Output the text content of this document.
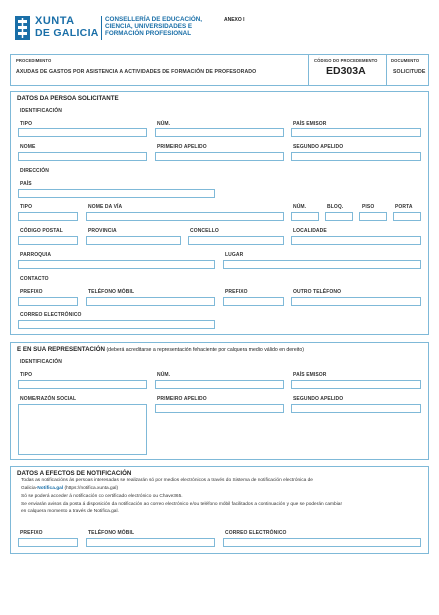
XUNTA
DE GALICIA
CONSELLERÍA DE EDUCACIÓN,
CIENCIA, UNIVERSIDADES E
FORMACIÓN PROFESIONAL
ANEXO I
PROCEDIMENTO
AXUDAS DE GASTOS POR ASISTENCIA A ACTIVIDADES DE FORMACIÓN DE PROFESORADO
CÓDIGO DO PROCEDEMENTO
ED303A
DOCUMENTO
SOLICITUDE
DATOS DA PERSOA SOLICITANTE
IDENTIFICACIÓN
TIPO	NÚM.	PAÍS EMISOR
NOME	PRIMEIRO APELIDO	SEGUNDO APELIDO
DIRECCIÓN
PAÍS
TIPO	NOME DA VÍA	NÚM.	BLOQ.	PISO	PORTA
CÓDIGO POSTAL	PROVINCIA	CONCELLO	LOCALIDADE
PARROQUIA	LUGAR
CONTACTO
PREFIXO	TELÉFONO MÓBIL	PREFIXO	OUTRO TELÉFONO
CORREO ELECTRÓNICO
E EN SUA REPRESENTACIÓN (deberá acreditarse a representación fehaciente por calquera medio válido en dereito)
IDENTIFICACIÓN
TIPO	NÚM.	PAÍS EMISOR
NOME/RAZÓN SOCIAL	PRIMEIRO APELIDO	SEGUNDO APELIDO
DATOS A EFECTOS DE NOTIFICACIÓN
Todas as notificacións ás persoas interesadas se realizarán só por medios electrónicos a través do Sistema de notificación electrónica de
Galicia-Notifica.gal (https://notifica.xunta.gal)
Só se poderá acceder á notificación co certificado electrónico ou Chave365.
Se enviarán avisos da posta á disposición da notificación ao correo electrónico e/ou teléfono móbil facilitados a continuación y que se poderán cambiar
en calquera momento a través de Notifica.gal.
PREFIXO	TELÉFONO MÓBIL	CORREO ELECTRÓNICO
